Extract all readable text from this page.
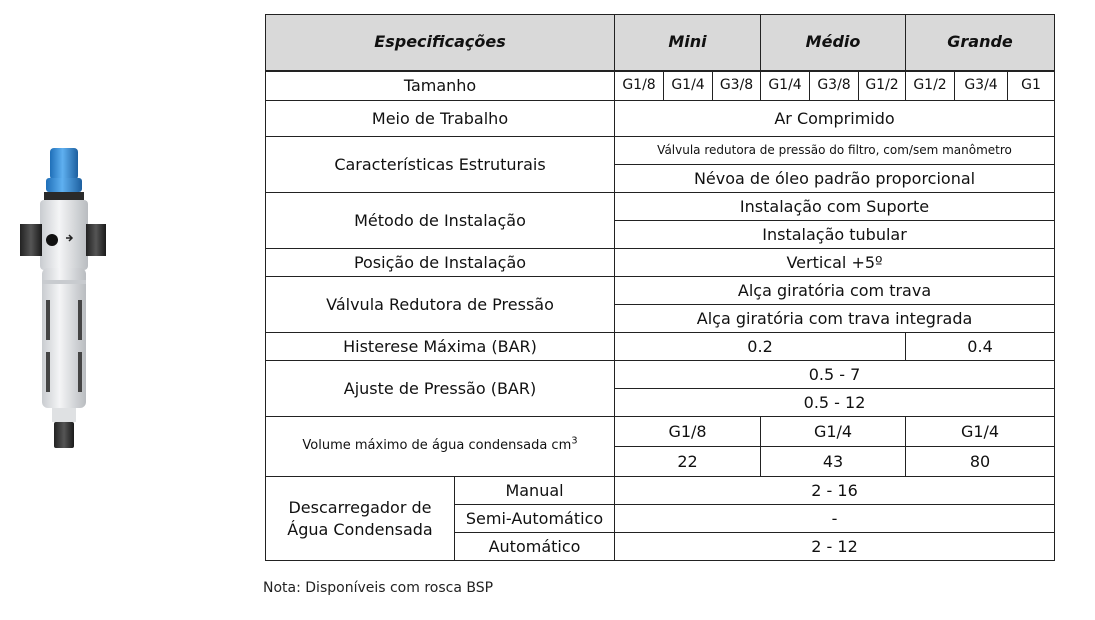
Especificações		Mini			Médio			Grande		
Tamanho		G1/8	G1/4	G3/8	G1/4	G3/8	G1/2	G1/2	G3/4	G1
Meio de Trabalho		Ar Comprimido								
Características Estruturais		Válvula redutora de pressão do filtro, com/sem manômetro								
		Névoa de óleo padrão proporcional								
Método de Instalação		Instalação com Suporte								
		Instalação tubular								
Posição de Instalação		Vertical +5º								
Válvula Redutora de Pressão		Alça giratória com trava								
		Alça giratória com trava integrada								
Histerese Máxima (BAR)		0.2						0.4		
Ajuste de Pressão (BAR)		0.5 - 7								
		0.5 - 12								
Volume máximo de água condensada $cm^3$		G1/8			G1/4			G1/4		
		22			43			80		
Descarregador de
Água Condensada	Manual	2 - 16								
	Semi-Automático	-								
	Automático	2 - 12								
Nota: Disponíveis com rosca BSP
